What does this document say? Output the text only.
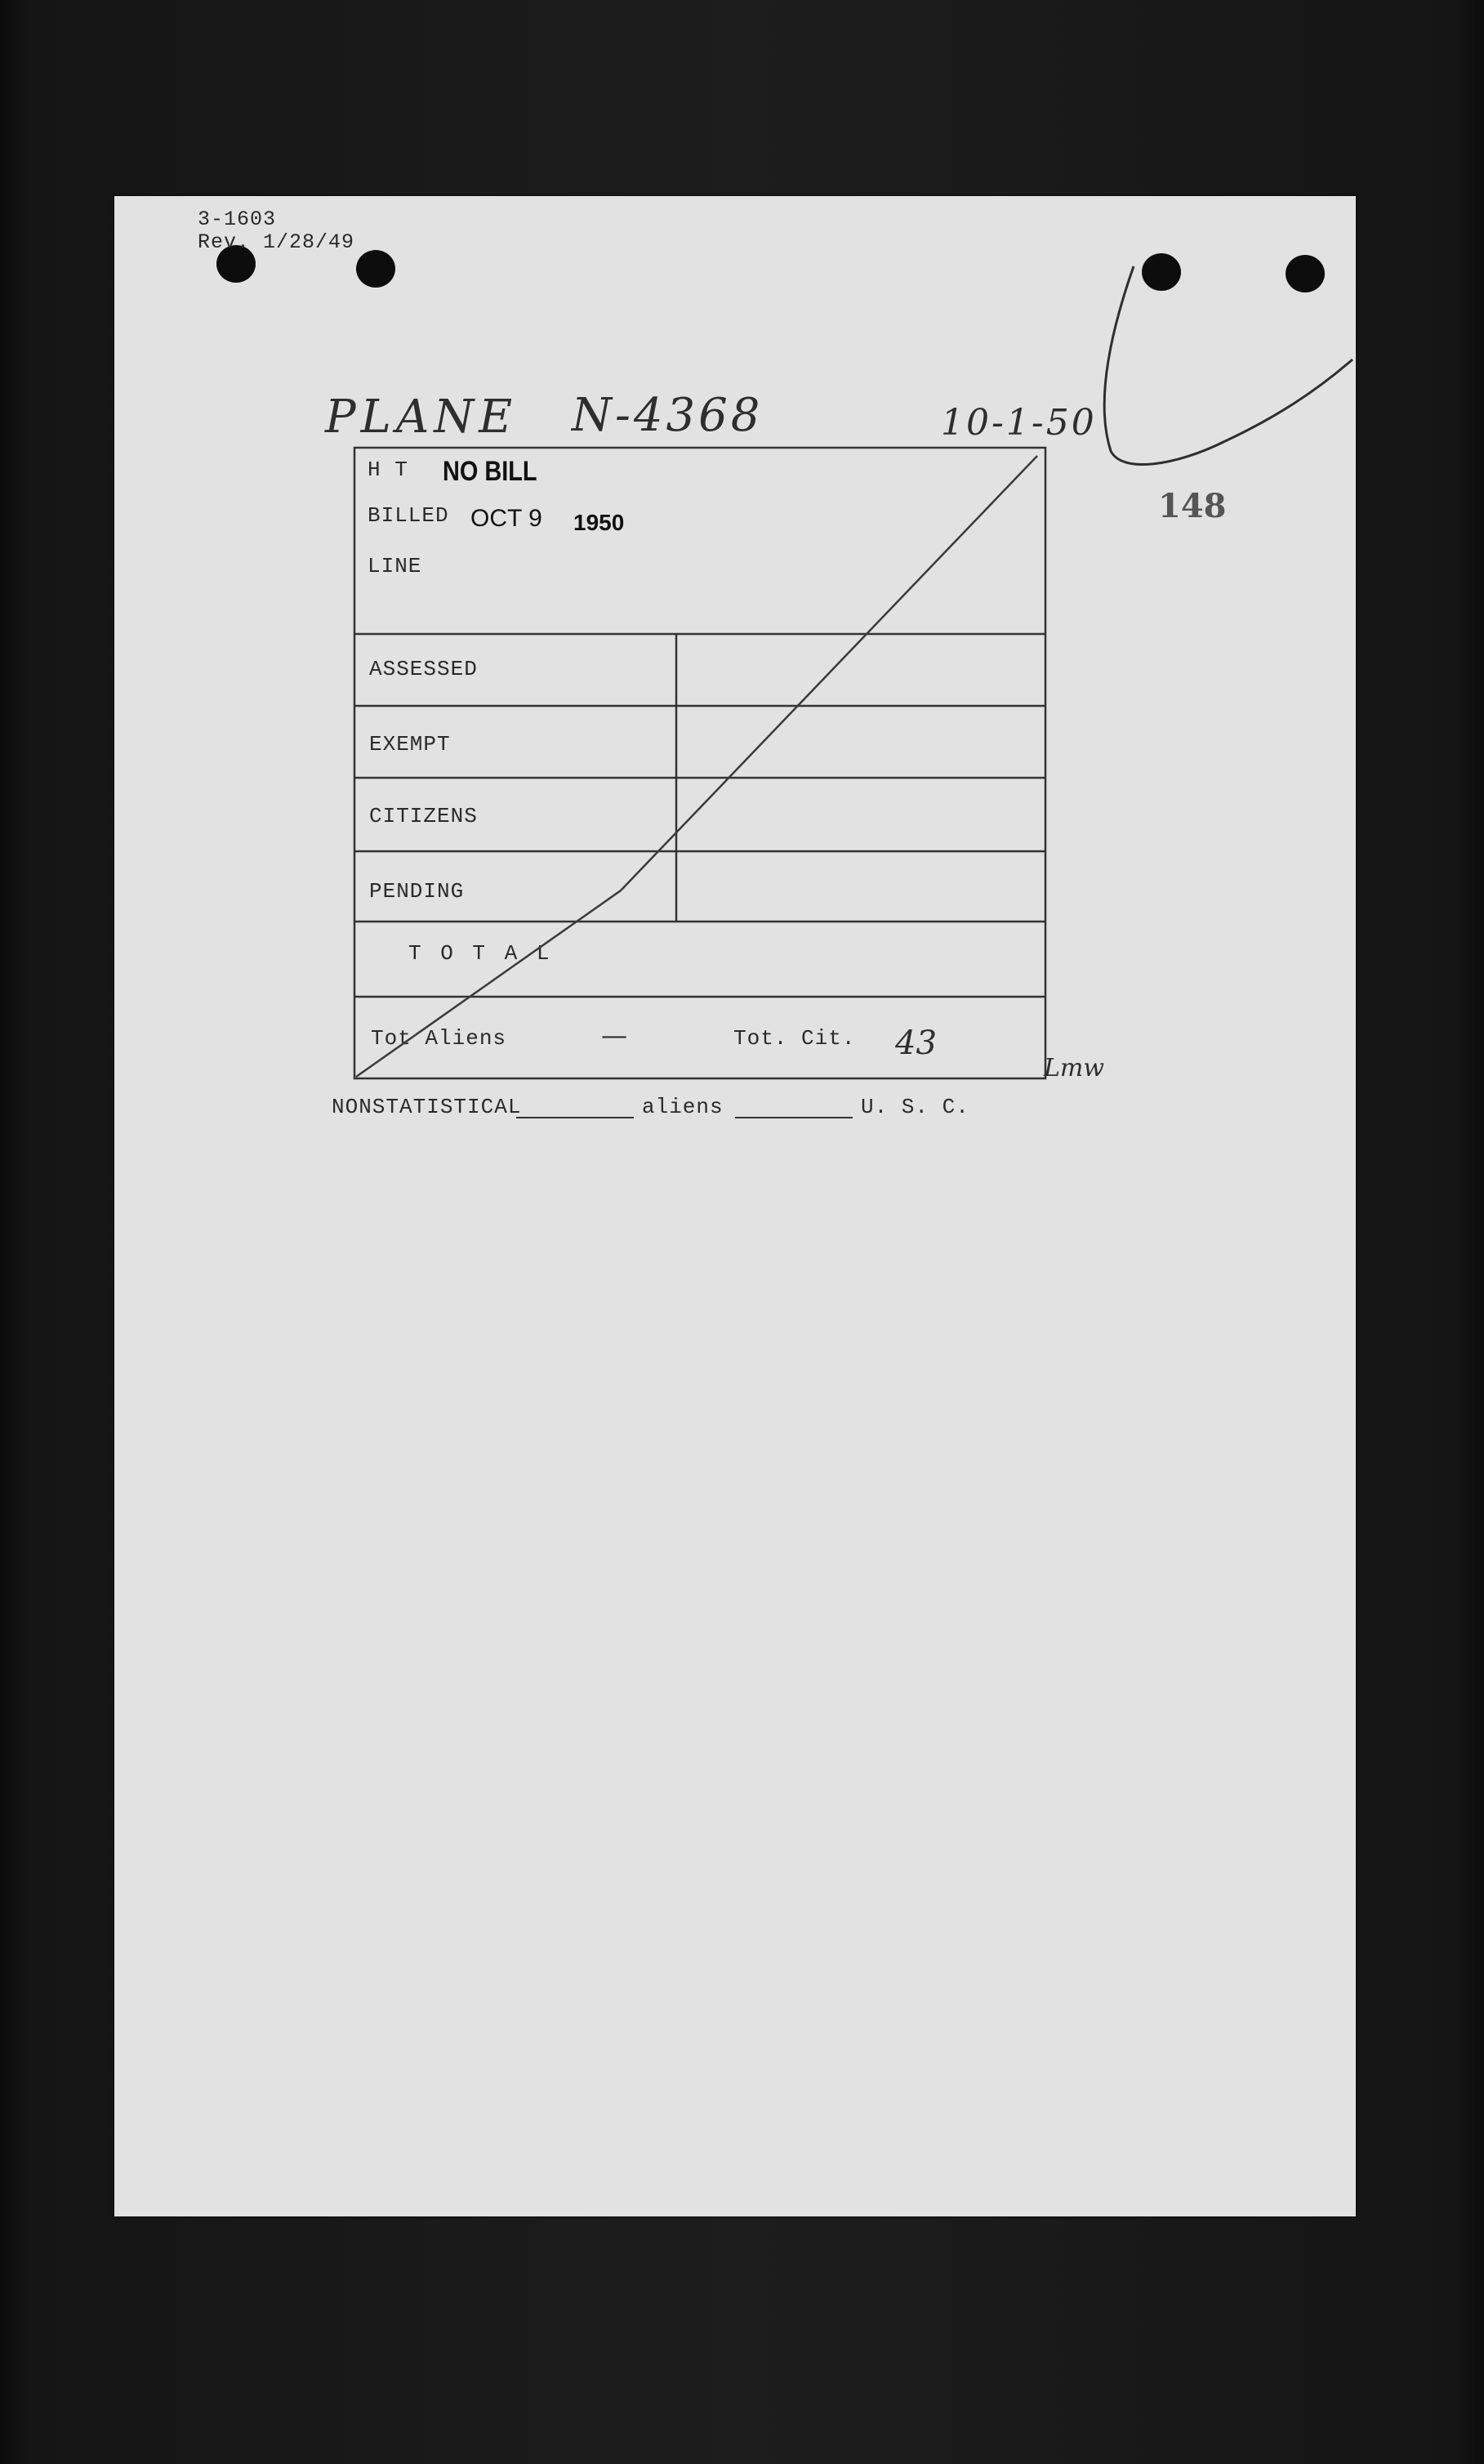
3-1603
Rev. 1/28/49
PLANE N-4368	10-1-50
148
H T NO BILL
BILLED OCT 9 1950
LINE
ASSESSED
EXEMPT
CITIZENS
PENDING
T O T A L
Tot Aliens	—	Tot. Cit. 43
NONSTATISTICAL	aliens	U. S. C.
Lmw
